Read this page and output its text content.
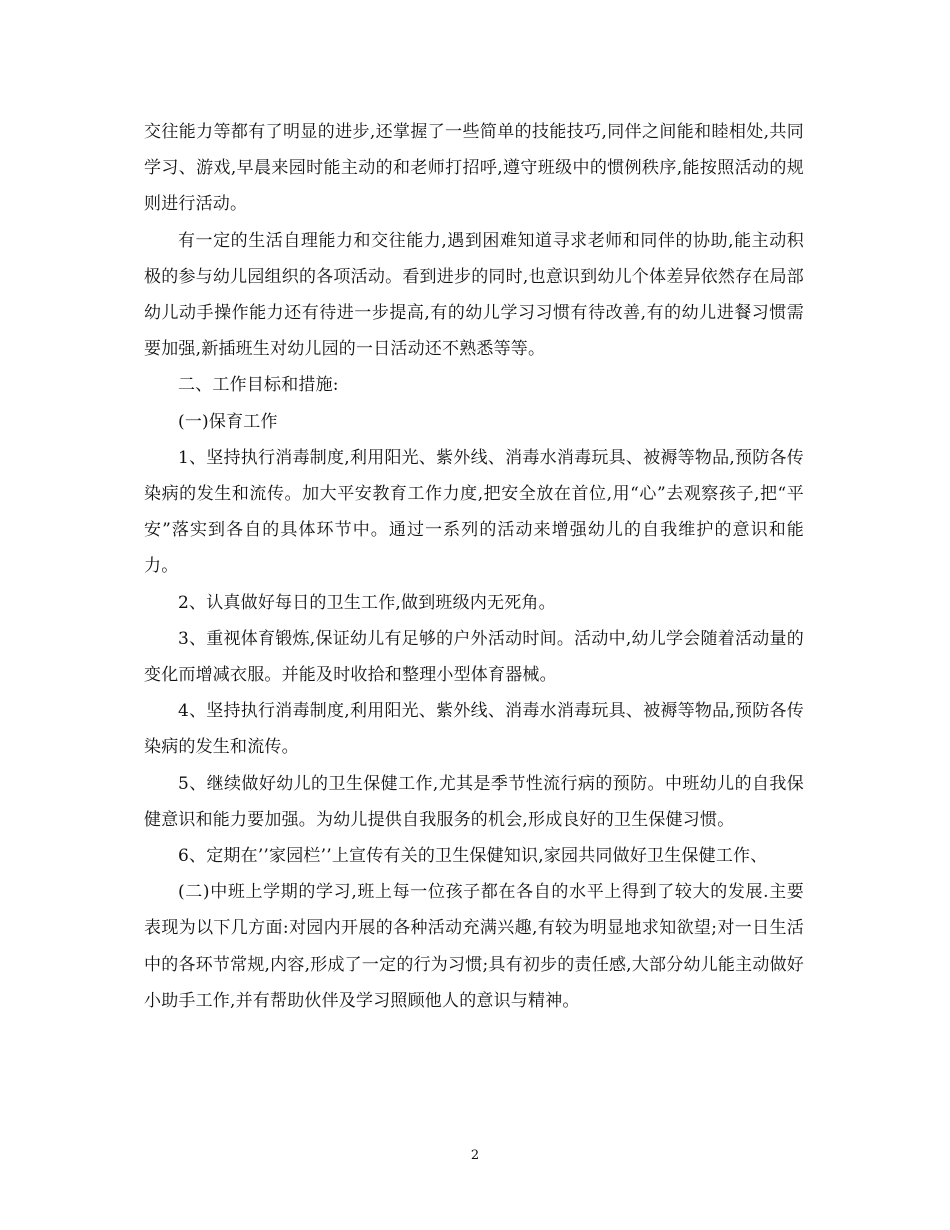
交往能力等都有了明显的进步,还掌握了一些简单的技能技巧,同伴之间能和睦相处,共同学习、游戏,早晨来园时能主动的和老师打招呼,遵守班级中的惯例秩序,能按照活动的规则进行活动。

有一定的生活自理能力和交往能力,遇到困难知道寻求老师和同伴的协助,能主动积极的参与幼儿园组织的各项活动。看到进步的同时,也意识到幼儿个体差异依然存在局部幼儿动手操作能力还有待进一步提高,有的幼儿学习习惯有待改善,有的幼儿进餐习惯需要加强,新插班生对幼儿园的一日活动还不熟悉等等。

二、工作目标和措施:

(一)保育工作

1、坚持执行消毒制度,利用阳光、紫外线、消毒水消毒玩具、被褥等物品,预防各传染病的发生和流传。加大平安教育工作力度,把安全放在首位,用“心”去观察孩子,把“平安”落实到各自的具体环节中。通过一系列的活动来增强幼儿的自我维护的意识和能力。

2、认真做好每日的卫生工作,做到班级内无死角。

3、重视体育锻炼,保证幼儿有足够的户外活动时间。活动中,幼儿学会随着活动量的变化而增减衣服。并能及时收拾和整理小型体育器械。

4、坚持执行消毒制度,利用阳光、紫外线、消毒水消毒玩具、被褥等物品,预防各传染病的发生和流传。

5、继续做好幼儿的卫生保健工作,尤其是季节性流行病的预防。中班幼儿的自我保健意识和能力要加强。为幼儿提供自我服务的机会,形成良好的卫生保健习惯。

6、定期在’’家园栏’’上宣传有关的卫生保健知识,家园共同做好卫生保健工作、

(二)中班上学期的学习,班上每一位孩子都在各自的水平上得到了较大的发展.主要表现为以下几方面:对园内开展的各种活动充满兴趣,有较为明显地求知欲望;对一日生活中的各环节常规,内容,形成了一定的行为习惯;具有初步的责任感,大部分幼儿能主动做好小助手工作,并有帮助伙伴及学习照顾他人的意识与精神。

2
